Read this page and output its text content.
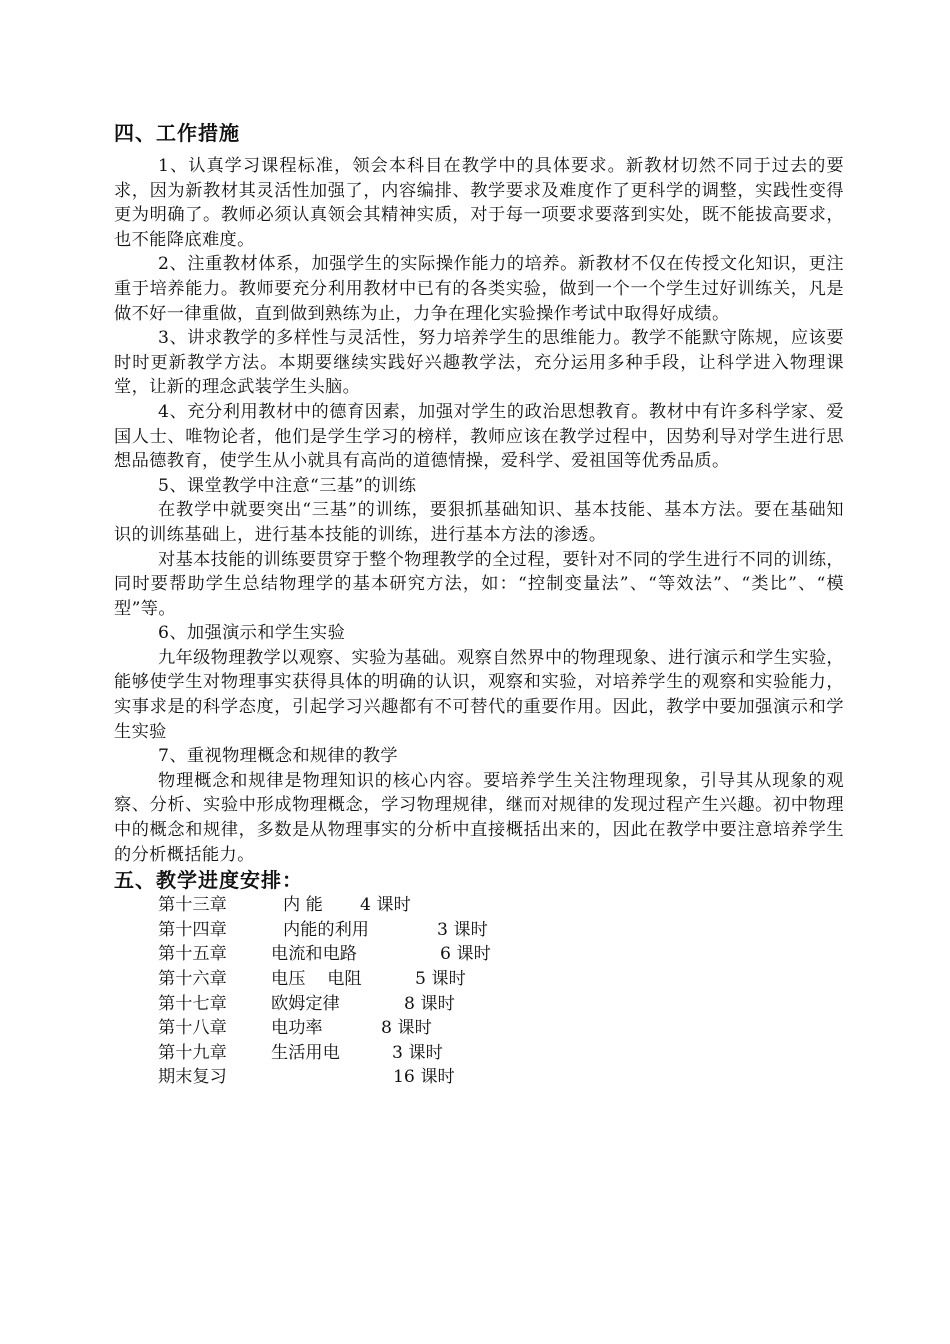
四、工作措施

1、认真学习课程标准，领会本科目在教学中的具体要求。新教材切然不同于过去的要求，因为新教材其灵活性加强了，内容编排、教学要求及难度作了更科学的调整，实践性变得更为明确了。教师必须认真领会其精神实质，对于每一项要求要落到实处，既不能拔高要求，也不能降底难度。

2、注重教材体系，加强学生的实际操作能力的培养。新教材不仅在传授文化知识，更注重于培养能力。教师要充分利用教材中已有的各类实验，做到一个一个学生过好训练关，凡是做不好一律重做，直到做到熟练为止，力争在理化实验操作考试中取得好成绩。

3、讲求教学的多样性与灵活性，努力培养学生的思维能力。教学不能默守陈规，应该要时时更新教学方法。本期要继续实践好兴趣教学法，充分运用多种手段，让科学进入物理课堂，让新的理念武装学生头脑。

4、充分利用教材中的德育因素，加强对学生的政治思想教育。教材中有许多科学家、爱国人士、唯物论者，他们是学生学习的榜样，教师应该在教学过程中，因势利导对学生进行思想品德教育，使学生从小就具有高尚的道德情操，爱科学、爱祖国等优秀品质。

5、课堂教学中注意“三基”的训练

在教学中就要突出“三基”的训练，要狠抓基础知识、基本技能、基本方法。要在基础知识的训练基础上，进行基本技能的训练，进行基本方法的渗透。

对基本技能的训练要贯穿于整个物理教学的全过程，要针对不同的学生进行不同的训练，同时要帮助学生总结物理学的基本研究方法，如：“控制变量法”、“等效法”、“类比”、“模型”等。

6、加强演示和学生实验

九年级物理教学以观察、实验为基础。观察自然界中的物理现象、进行演示和学生实验，能够使学生对物理事实获得具体的明确的认识，观察和实验，对培养学生的观察和实验能力，实事求是的科学态度，引起学习兴趣都有不可替代的重要作用。因此，教学中要加强演示和学生实验

7、重视物理概念和规律的教学

物理概念和规律是物理知识的核心内容。要培养学生关注物理现象，引导其从现象的观察、分析、实验中形成物理概念，学习物理规律，继而对规律的发现过程产生兴趣。初中物理中的概念和规律，多数是从物理事实的分析中直接概括出来的，因此在教学中要注意培养学生的分析概括能力。

五、教学进度安排：
第十三章	内 能 4 课时
第十四章	内能的利用	3 课时
第十五章	电流和电路	6 课时
第十六章	电压    电阻	5 课时
第十七章	欧姆定律	8 课时
第十八章	电功率	8 课时
第十九章	生活用电	3 课时
期末复习	16 课时
